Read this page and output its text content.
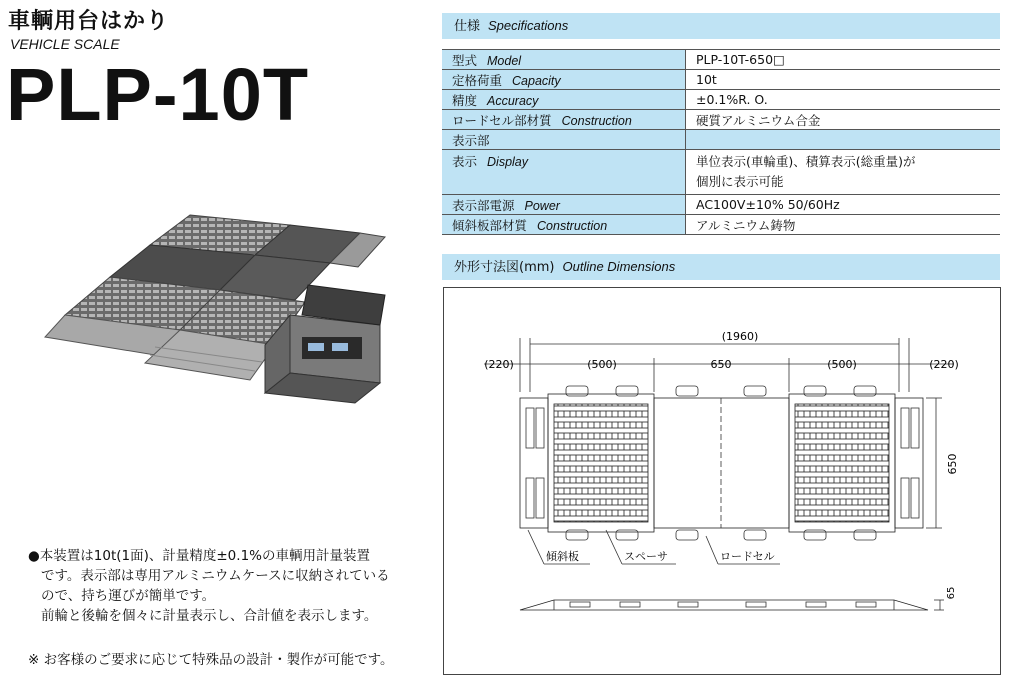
車輌用台はかり
VEHICLE SCALE
PLP-10T

●本装置は10t(1面)、計量精度±0.1%の車輌用計量装置

です。表示部は専用アルミニウムケースに収納されている

ので、持ち運びが簡単です。

前輪と後輪を個々に計量表示し、合計値を表示します。

※ お客様のご要求に応じて特殊品の設計・製作が可能です。
仕様 Specifications
型式 Model	PLP-10T-650□
定格荷重 Capacity	10t
精度 Accuracy	±0.1%R. O.
ロードセル部材質 Construction	硬質アルミニウム合金
表示部	
表示 Display	単位表示(車輪重)、積算表示(総重量)が
個別に表示可能

表示部電源 Power	AC100V±10% 50/60Hz
傾斜板部材質 Construction	アルミニウム鋳物
外形寸法図(mm) Outline Dimensions
(1960)
(220)	(500)	650	(500)	(220)
650
65
傾斜板	スペーサ	ロードセル
